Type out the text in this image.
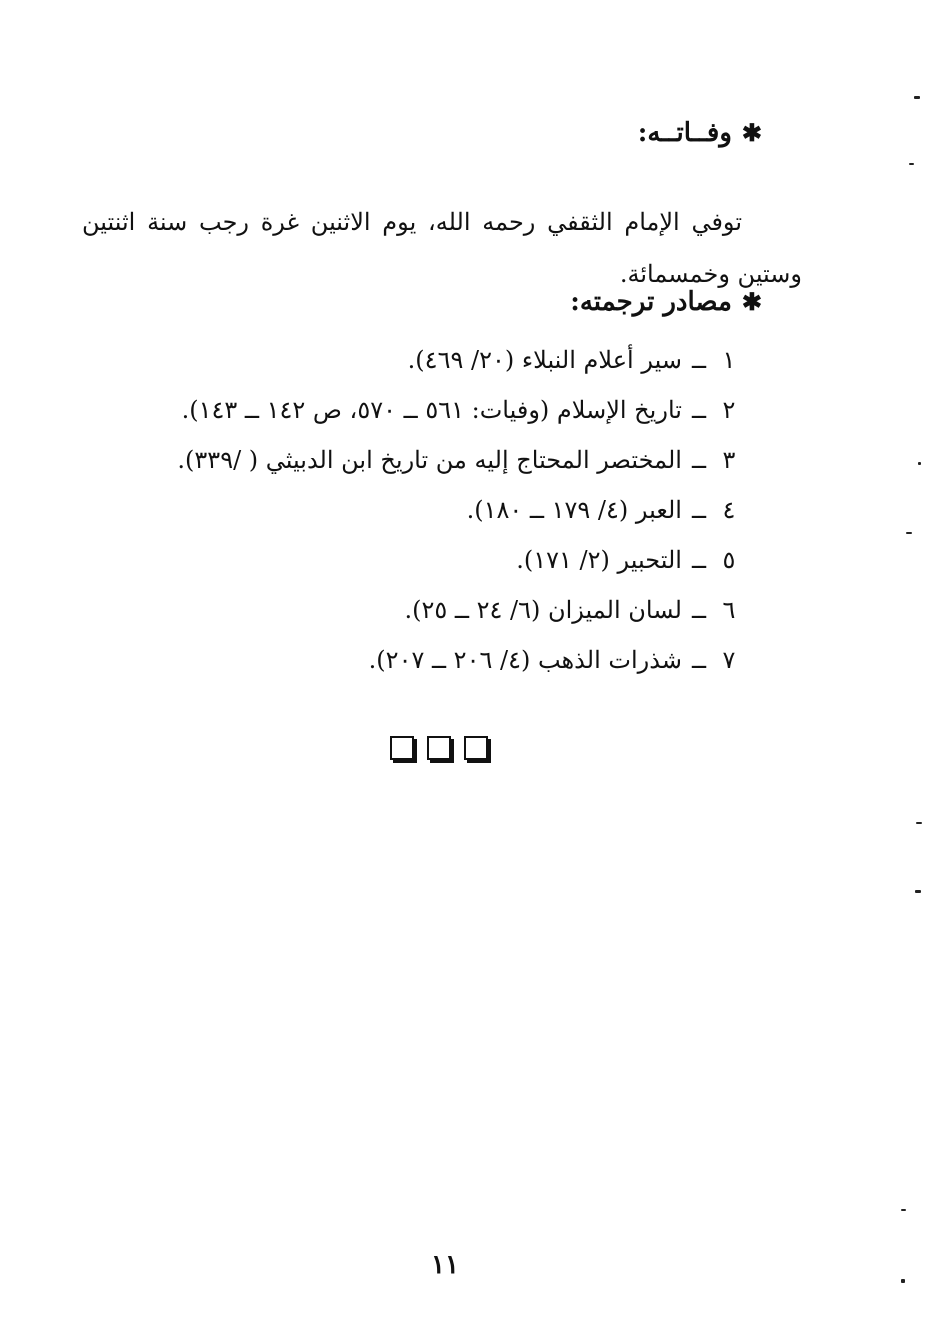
✱وفــاتــه:

توفي الإمام الثقفي رحمه الله، يوم الاثنين غرة رجب سنة اثنتين وستين وخمسمائة.

✱مصادر ترجمته:
١ــسير أعلام النبلاء (٢٠/ ٤٦٩).
٢ــتاريخ الإسلام (وفيات: ٥٦١ ــ ٥٧٠، ص ١٤٢ ــ ١٤٣).
٣ــالمختصر المحتاج إليه من تاريخ ابن الدبيثي ( /٣٣٩).
٤ــالعبر (٤/ ١٧٩ ــ ١٨٠).
٥ــالتحبير (٢/ ١٧١).
٦ــلسان الميزان (٦/ ٢٤ ــ ٢٥).
٧ــشذرات الذهب (٤/ ٢٠٦ ــ ٢٠٧).
١١
